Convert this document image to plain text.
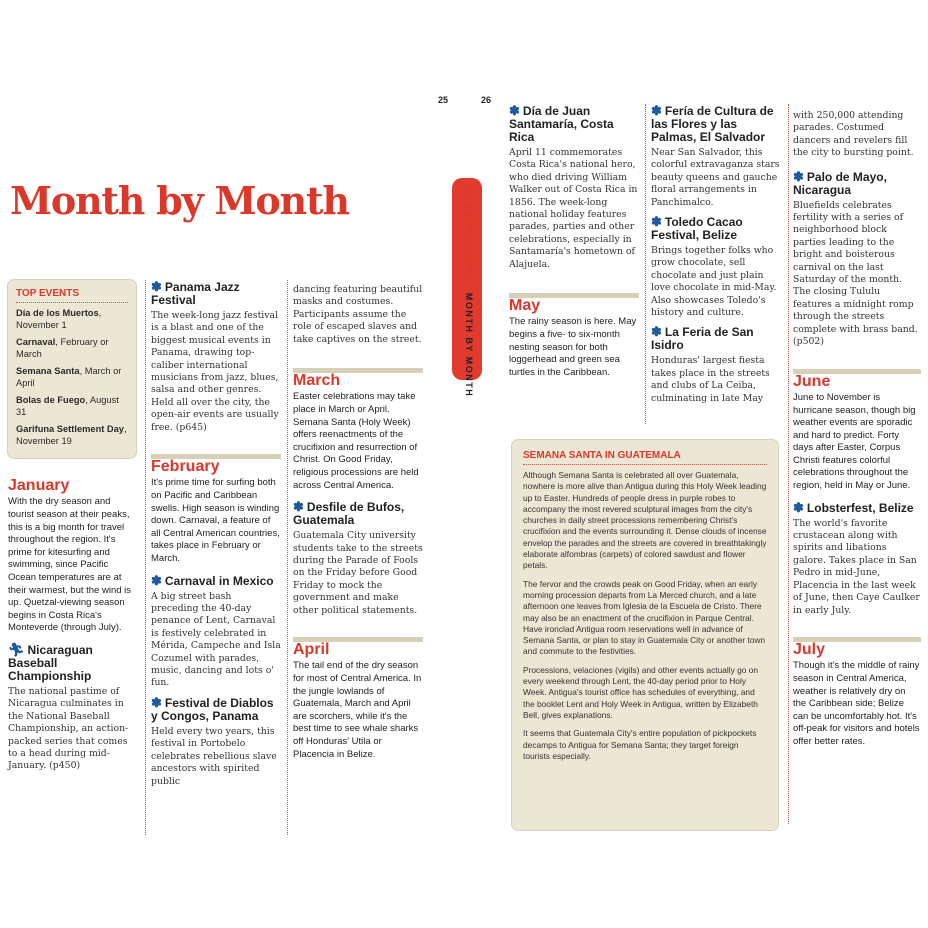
25	26
Month by Month	PLAN YOUR TRIP  MONTH BY MONTH
TOP EVENTS

Día de los Muertos, November 1

Carnaval, February or March

Semana Santa, March or April

Bolas de Fuego, August 31

Garifuna Settlement Day, November 19

January
With the dry season and tourist season at their peaks, this is a big month for travel throughout the region. It's prime for kitesurfing and swimming, since Pacific Ocean temperatures are at their warmest, but the wind is up. Quetzal-viewing season begins in Costa Rica's Monteverde (through July).
🏃︎ Nicaraguan Baseball Championship
The national pastime of Nicaragua culminates in the National Baseball Championship, an action-packed series that comes to a head during mid-January. (p450)
✽ Panama Jazz Festival
The week-long jazz festival is a blast and one of the biggest musical events in Panama, drawing top-caliber international musicians from jazz, blues, salsa and other genres. Held all over the city, the open-air events are usually free. (p645)
February
It's prime time for surfing both on Pacific and Caribbean swells. High season is winding down. Carnaval, a feature of all Central American countries, takes place in February or March.
✽ Carnaval in Mexico
A big street bash preceding the 40-day penance of Lent, Carnaval is festively celebrated in Mérida, Campeche and Isla Cozumel with parades, music, dancing and lots o' fun.
✽ Festival de Diablos y Congos, Panama
Held every two years, this festival in Portobelo celebrates rebellious slave ancestors with spirited public
dancing featuring beautiful masks and costumes. Participants assume the role of escaped slaves and take captives on the street.
March
Easter celebrations may take place in March or April. Semana Santa (Holy Week) offers reenactments of the crucifixion and resurrection of Christ. On Good Friday, religious processions are held across Central America.
✽ Desfile de Bufos, Guatemala
Guatemala City university students take to the streets during the Parade of Fools on the Friday before Good Friday to mock the government and make other political statements.
April
The tail end of the dry season for most of Central America. In the jungle lowlands of Guatemala, March and April are scorchers, while it's the best time to see whale sharks off Honduras' Utila or Placencia in Belize.
✽ Día de Juan Santamaría, Costa Rica
April 11 commemorates Costa Rica's national hero, who died driving William Walker out of Costa Rica in 1856. The week-long national holiday features parades, parties and other celebrations, especially in Santamaría's hometown of Alajuela.
May
The rainy season is here. May begins a five- to six-month nesting season for both loggerhead and green sea turtles in the Caribbean.
✽ Fería de Cultura de las Flores y las Palmas, El Salvador
Near San Salvador, this colorful extravaganza stars beauty queens and gauche floral arrangements in Panchimalco.
✽ Toledo Cacao Festival, Belize
Brings together folks who grow chocolate, sell chocolate and just plain love chocolate in mid-May. Also showcases Toledo's history and culture.
✽ La Feria de San Isidro
Honduras' largest fiesta takes place in the streets and clubs of La Ceiba, culminating in late May
with 250,000 attending parades. Costumed dancers and revelers fill the city to bursting point.
✽ Palo de Mayo, Nicaragua
Bluefields celebrates fertility with a series of neighborhood block parties leading to the bright and boisterous carnival on the last Saturday of the month. The closing Tululu features a midnight romp through the streets complete with brass band. (p502)
June
June to November is hurricane season, though big weather events are sporadic and hard to predict. Forty days after Easter, Corpus Christi features colorful celebrations throughout the region, held in May or June.
✽ Lobsterfest, Belize
The world's favorite crustacean along with spirits and libations galore. Takes place in San Pedro in mid-June, Placencia in the last week of June, then Caye Caulker in early July.
July
Though it's the middle of rainy season in Central America, weather is relatively dry on the Caribbean side; Belize can be uncomfortably hot. It's off-peak for visitors and hotels offer better rates.
SEMANA SANTA IN GUATEMALA

Although Semana Santa is celebrated all over Guatemala, nowhere is more alive than Antigua during this Holy Week leading up to Easter. Hundreds of people dress in purple robes to accompany the most revered sculptural images from the city's churches in daily street processions remembering Christ's crucifixion and the events surrounding it. Dense clouds of incense envelop the parades and the streets are covered in breathtakingly elaborate alfombras (carpets) of colored sawdust and flower petals.

The fervor and the crowds peak on Good Friday, when an early morning procession departs from La Merced church, and a late afternoon one leaves from Iglesia de la Escuela de Cristo. There may also be an enactment of the crucifixion in Parque Central. Have ironclad Antigua room reservations well in advance of Semana Santa, or plan to stay in Guatemala City or another town and commute to the festivities.

Processions, velaciones (vigils) and other events actually go on every weekend through Lent, the 40-day period prior to Holy Week. Antigua's tourist office has schedules of everything, and the booklet Lent and Holy Week in Antigua, written by Elizabeth Bell, gives explanations.

It seems that Guatemala City's entire population of pickpockets decamps to Antigua for Semana Santa; they target foreign tourists especially.
